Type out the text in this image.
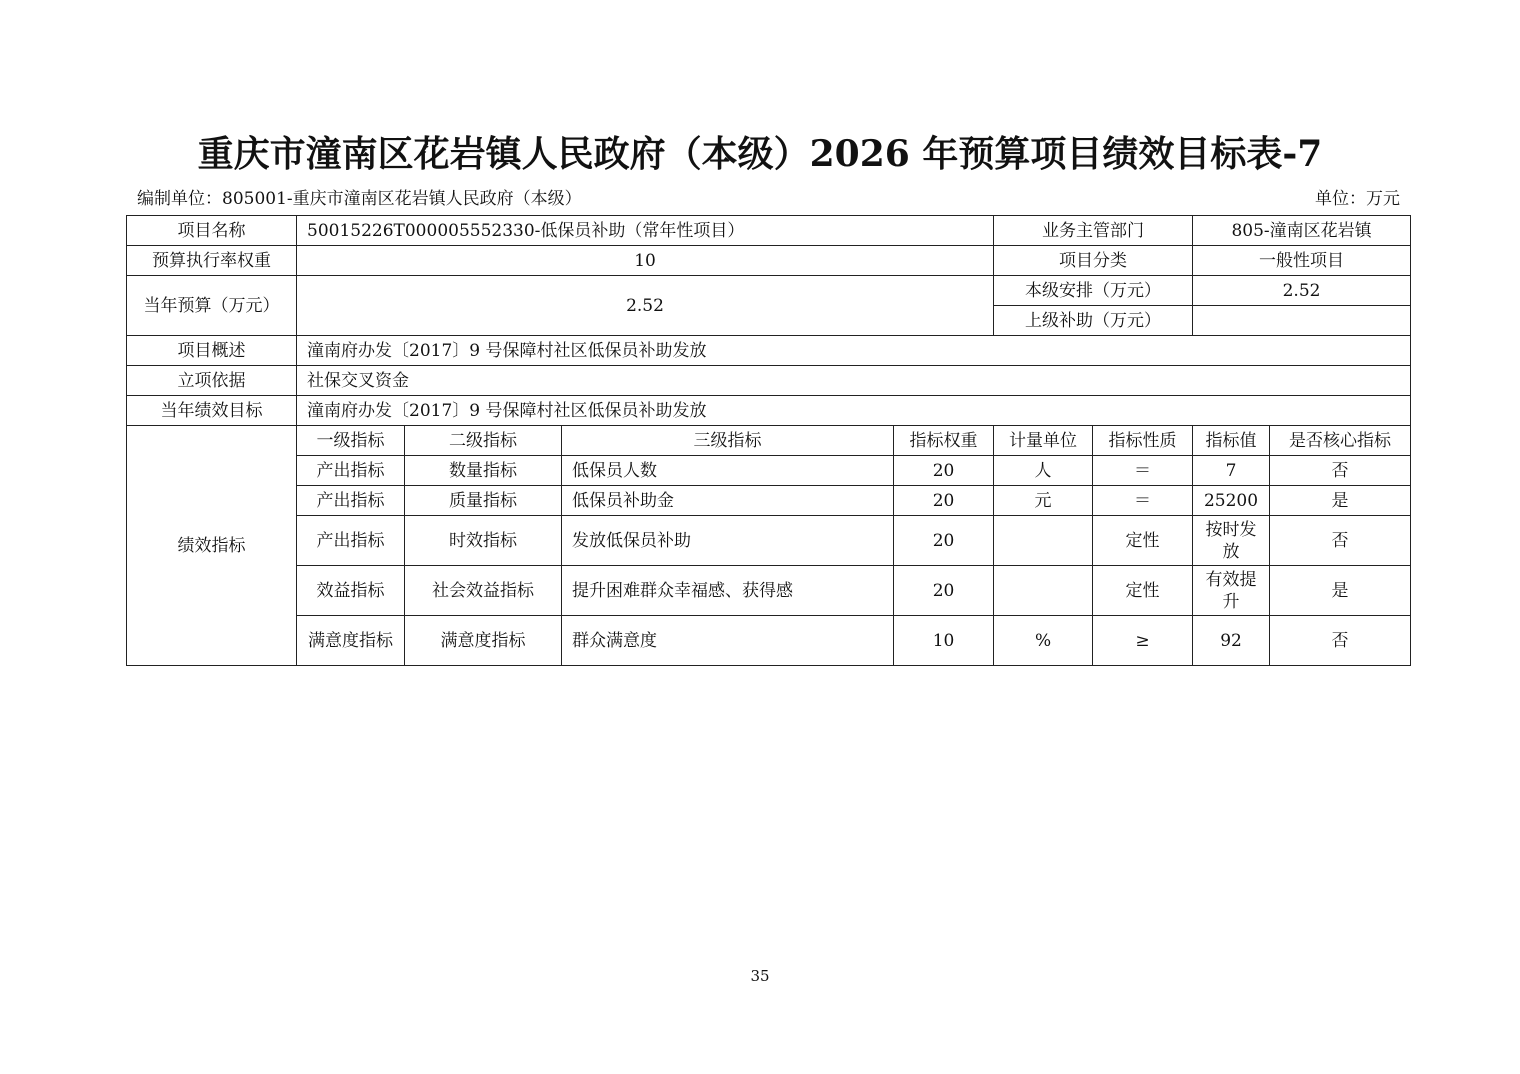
重庆市潼南区花岩镇人民政府（本级）2026 年预算项目绩效目标表-7
编制单位：805001-重庆市潼南区花岩镇人民政府（本级）	单位：万元
项目名称	50015226T000005552330-低保员补助（常年性项目）				业务主管部门		805-潼南区花岩镇	
预算执行率权重	10				项目分类		一般性项目	
当年预算（万元）	2.52				本级安排（万元）		2.52	
					上级补助（万元）			
项目概述	潼南府办发〔2017〕9 号保障村社区低保员补助发放							
立项依据	社保交叉资金							
当年绩效目标	潼南府办发〔2017〕9 号保障村社区低保员补助发放							
绩效指标	一级指标	二级指标	三级指标	指标权重	计量单位	指标性质	指标值	是否核心指标
	产出指标	数量指标	低保员人数	20	人	＝	7	否
	产出指标	质量指标	低保员补助金	20	元	＝	25200	是
	产出指标	时效指标	发放低保员补助	20		定性	按时发放	否
	效益指标	社会效益指标	提升困难群众幸福感、获得感	20		定性	有效提升	是
	满意度指标	满意度指标	群众满意度	10	%	≥	92	否
35
